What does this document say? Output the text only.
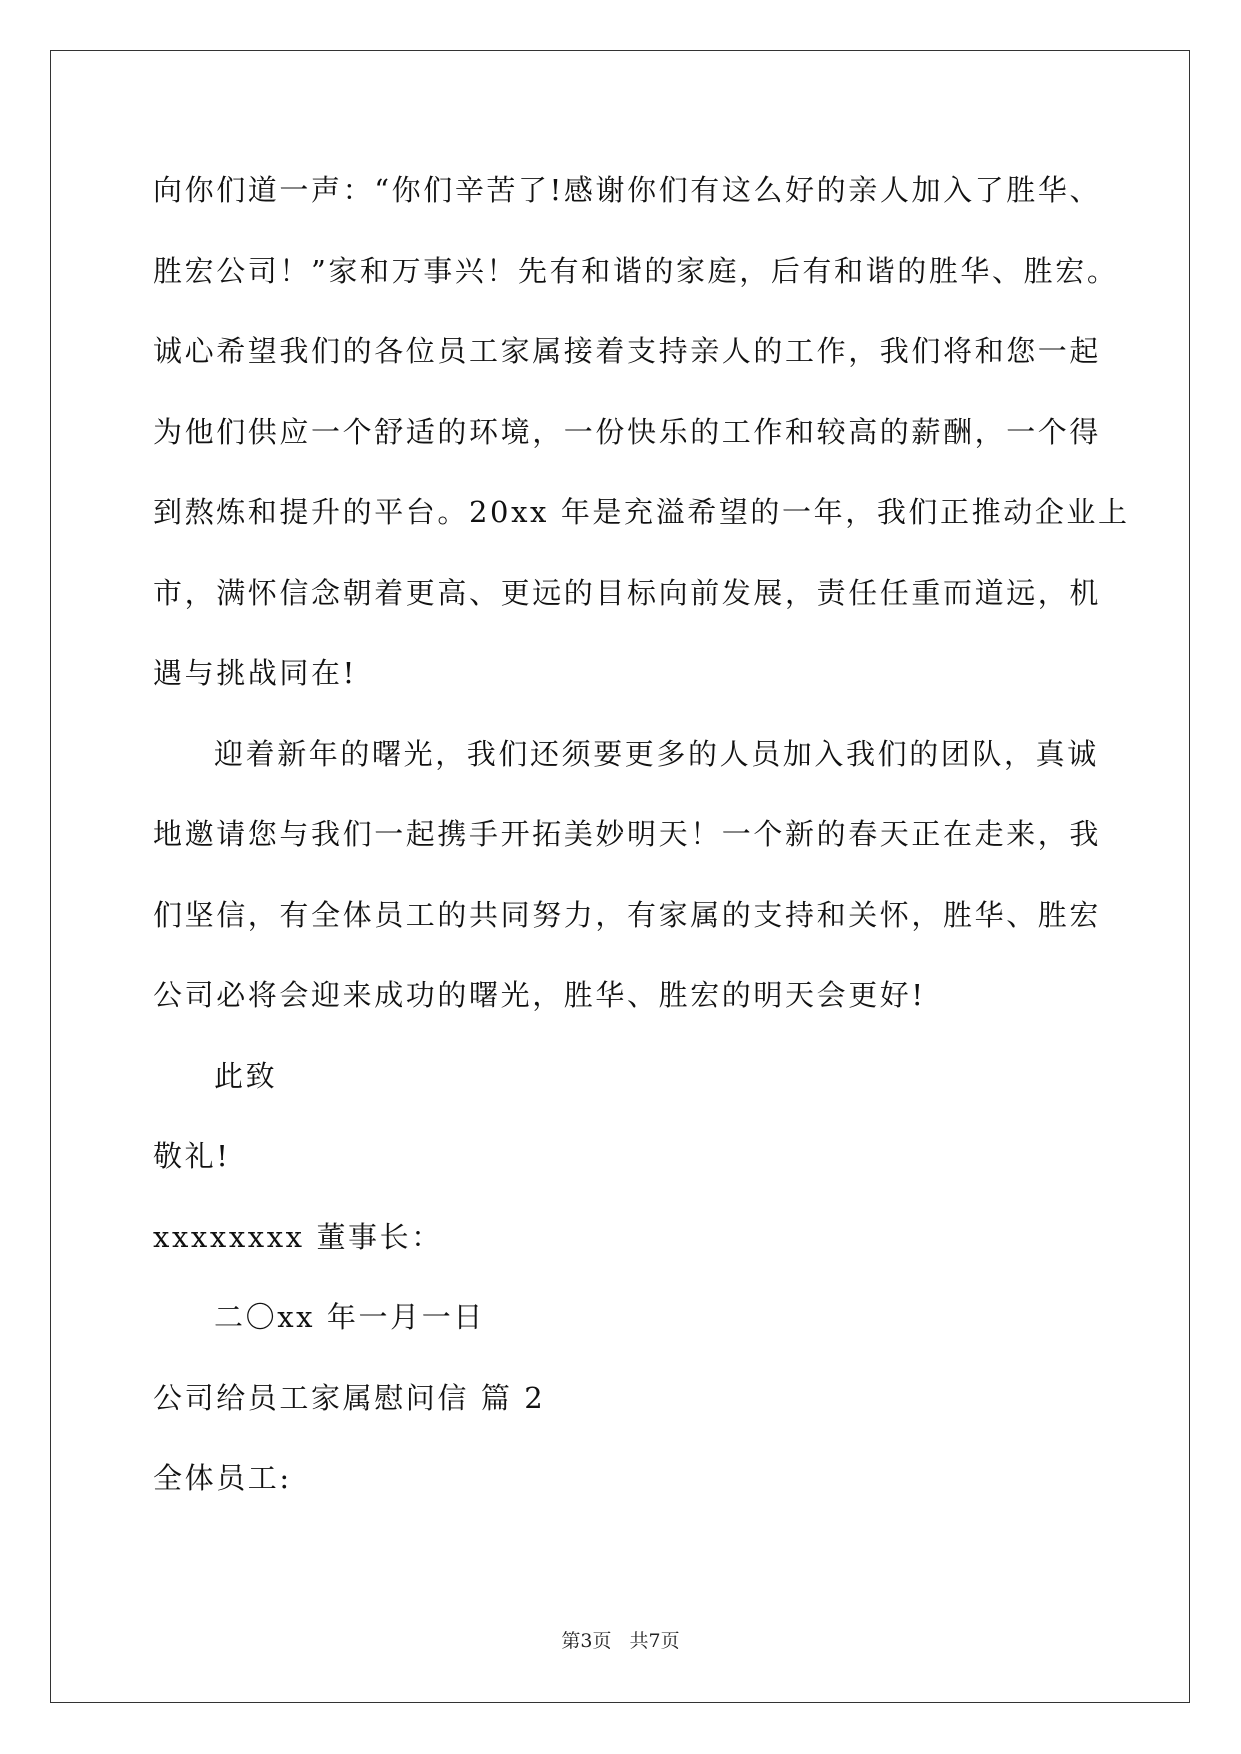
向你们道一声：“你们辛苦了!感谢你们有这么好的亲人加入了胜华、

胜宏公司！”家和万事兴！先有和谐的家庭，后有和谐的胜华、胜宏。

诚心希望我们的各位员工家属接着支持亲人的工作，我们将和您一起

为他们供应一个舒适的环境，一份快乐的工作和较高的薪酬，一个得

到熬炼和提升的平台。20xx 年是充溢希望的一年，我们正推动企业上

市，满怀信念朝着更高、更远的目标向前发展，责任任重而道远，机

遇与挑战同在!

迎着新年的曙光，我们还须要更多的人员加入我们的团队，真诚

地邀请您与我们一起携手开拓美妙明天！一个新的春天正在走来，我

们坚信，有全体员工的共同努力，有家属的支持和关怀，胜华、胜宏

公司必将会迎来成功的曙光，胜华、胜宏的明天会更好!

此致

敬礼!

xxxxxxxx 董事长：

二〇xx 年一月一日

公司给员工家属慰问信 篇 2

全体员工:

第3页 共7页
